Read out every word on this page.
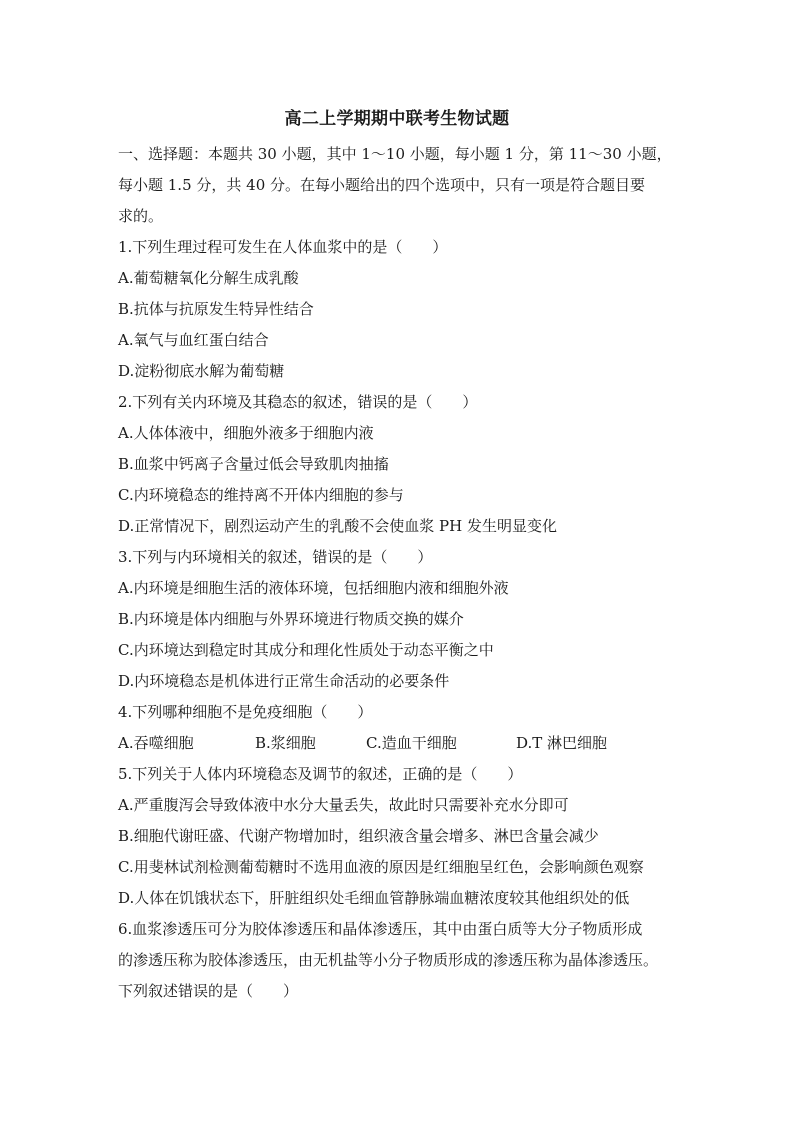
高二上学期期中联考生物试题
一、选择题：本题共 30 小题，其中 1～10 小题，每小题 1 分，第 11～30 小题，
每小题 1.5 分，共 40 分。在每小题给出的四个选项中，只有一项是符合题目要
求的。
1.下列生理过程可发生在人体血浆中的是（　　）
A.葡萄糖氧化分解生成乳酸
B.抗体与抗原发生特异性结合
A.氧气与血红蛋白结合
D.淀粉彻底水解为葡萄糖
2.下列有关内环境及其稳态的叙述，错误的是（　　）
A.人体体液中，细胞外液多于细胞内液
B.血浆中钙离子含量过低会导致肌肉抽搐
C.内环境稳态的维持离不开体内细胞的参与
D.正常情况下，剧烈运动产生的乳酸不会使血浆 PH 发生明显变化
3.下列与内环境相关的叙述，错误的是（　　）
A.内环境是细胞生活的液体环境，包括细胞内液和细胞外液
B.内环境是体内细胞与外界环境进行物质交换的媒介
C.内环境达到稳定时其成分和理化性质处于动态平衡之中
D.内环境稳态是机体进行正常生命活动的必要条件
4.下列哪种细胞不是免疫细胞（　　）
A.吞噬细胞	B.浆细胞	C.造血干细胞	D.T 淋巴细胞
5.下列关于人体内环境稳态及调节的叙述，正确的是（　　）
A.严重腹泻会导致体液中水分大量丢失，故此时只需要补充水分即可
B.细胞代谢旺盛、代谢产物增加时，组织液含量会增多、淋巴含量会减少
C.用斐林试剂检测葡萄糖时不选用血液的原因是红细胞呈红色，会影响颜色观察
D.人体在饥饿状态下，肝脏组织处毛细血管静脉端血糖浓度较其他组织处的低
6.血浆渗透压可分为胶体渗透压和晶体渗透压，其中由蛋白质等大分子物质形成
的渗透压称为胶体渗透压，由无机盐等小分子物质形成的渗透压称为晶体渗透压。
下列叙述错误的是（　　）
